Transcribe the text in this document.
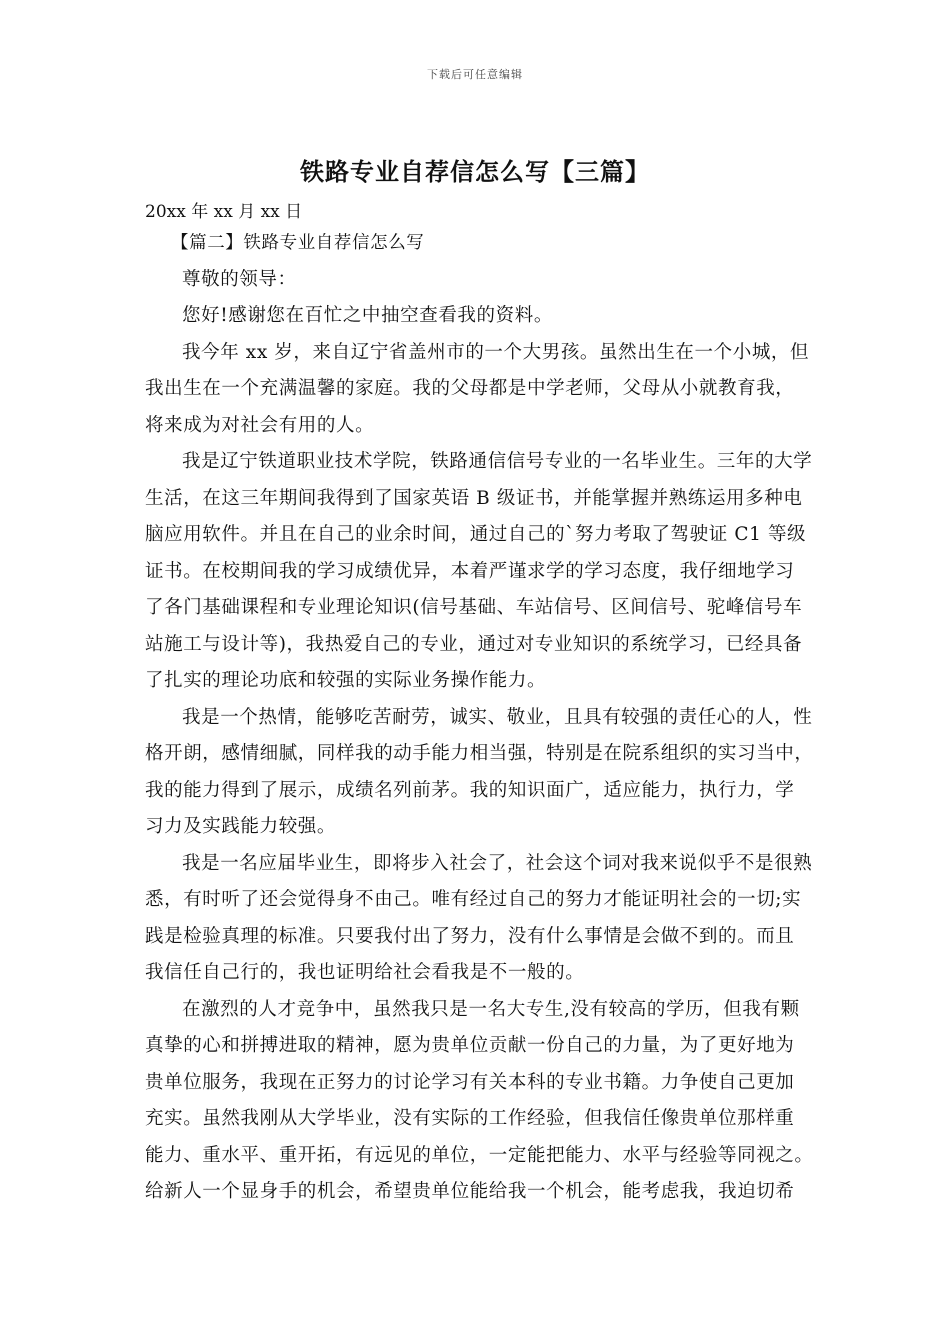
下载后可任意编辑

铁路专业自荐信怎么写【三篇】

20xx 年 xx 月 xx 日

【篇二】铁路专业自荐信怎么写

尊敬的领导：

您好!感谢您在百忙之中抽空查看我的资料。

我今年 xx 岁，来自辽宁省盖州市的一个大男孩。虽然出生在一个小城，但

我出生在一个充满温馨的家庭。我的父母都是中学老师，父母从小就教育我，

将来成为对社会有用的人。

我是辽宁铁道职业技术学院，铁路通信信号专业的一名毕业生。三年的大学

生活，在这三年期间我得到了国家英语 B 级证书，并能掌握并熟练运用多种电

脑应用软件。并且在自己的业余时间，通过自己的`努力考取了驾驶证 C1 等级

证书。在校期间我的学习成绩优异，本着严谨求学的学习态度，我仔细地学习

了各门基础课程和专业理论知识(信号基础、车站信号、区间信号、驼峰信号车

站施工与设计等)，我热爱自己的专业，通过对专业知识的系统学习，已经具备

了扎实的理论功底和较强的实际业务操作能力。

我是一个热情，能够吃苦耐劳，诚实、敬业，且具有较强的责任心的人，性

格开朗，感情细腻，同样我的动手能力相当强，特别是在院系组织的实习当中，

我的能力得到了展示，成绩名列前茅。我的知识面广，适应能力，执行力，学

习力及实践能力较强。

我是一名应届毕业生，即将步入社会了，社会这个词对我来说似乎不是很熟

悉，有时听了还会觉得身不由己。唯有经过自己的努力才能证明社会的一切;实

践是检验真理的标准。只要我付出了努力，没有什么事情是会做不到的。而且

我信任自己行的，我也证明给社会看我是不一般的。

在激烈的人才竞争中，虽然我只是一名大专生,没有较高的学历，但我有颗

真挚的心和拼搏进取的精神，愿为贵单位贡献一份自己的力量，为了更好地为

贵单位服务，我现在正努力的讨论学习有关本科的专业书籍。力争使自己更加

充实。虽然我刚从大学毕业，没有实际的工作经验，但我信任像贵单位那样重

能力、重水平、重开拓，有远见的单位，一定能把能力、水平与经验等同视之。

给新人一个显身手的机会，希望贵单位能给我一个机会，能考虑我，我迫切希
